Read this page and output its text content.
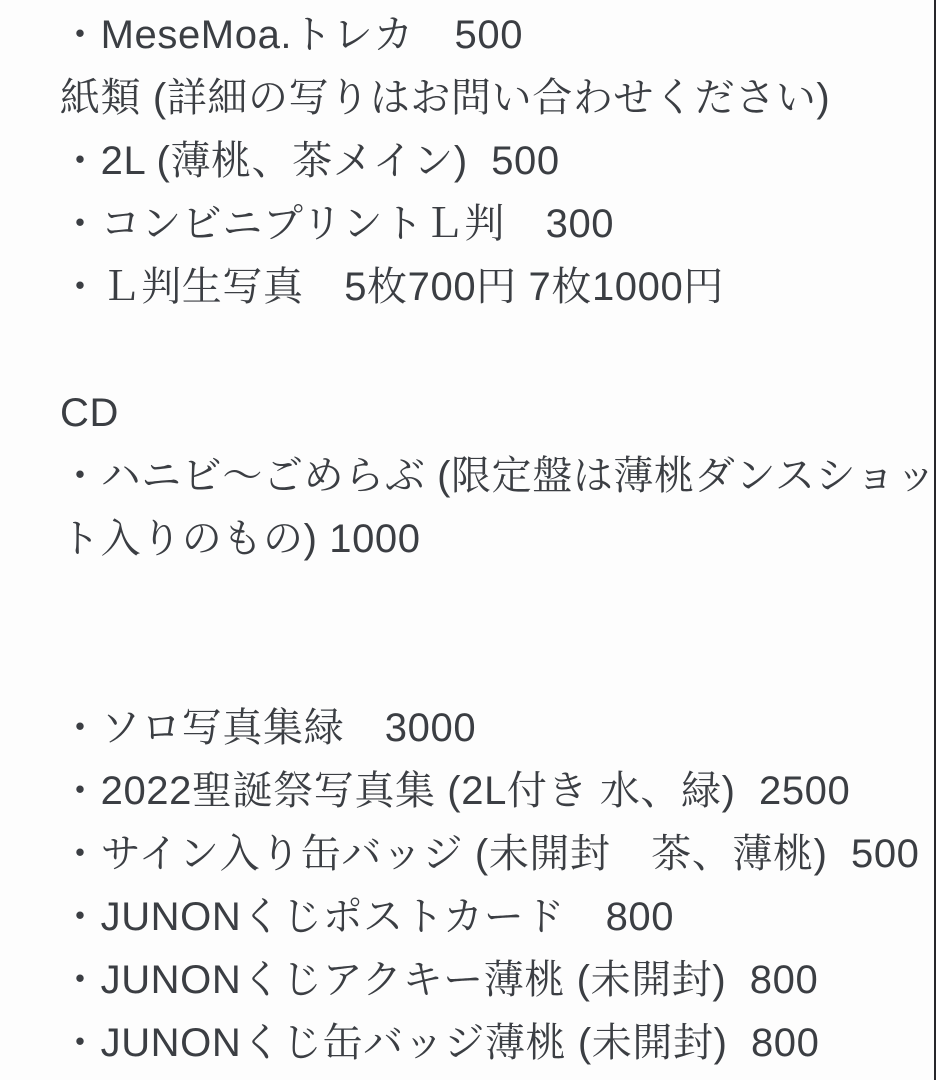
・MeseMoa.トレカ　500
紙類 (詳細の写りはお問い合わせください)
・2L (薄桃、茶メイン)  500
・コンビニプリントＬ判　300
・Ｌ判生写真　5枚700円 7枚1000円
CD
・ハニビ〜ごめらぶ (限定盤は薄桃ダンスショッ
ト入りのもの) 1000
・ソロ写真集緑　3000
・2022聖誕祭写真集 (2L付き 水、緑)  2500
・サイン入り缶バッジ (未開封　茶、薄桃)  500
・JUNONくじポストカード　800
・JUNONくじアクキー薄桃 (未開封)  800
・JUNONくじ缶バッジ薄桃 (未開封)  800
